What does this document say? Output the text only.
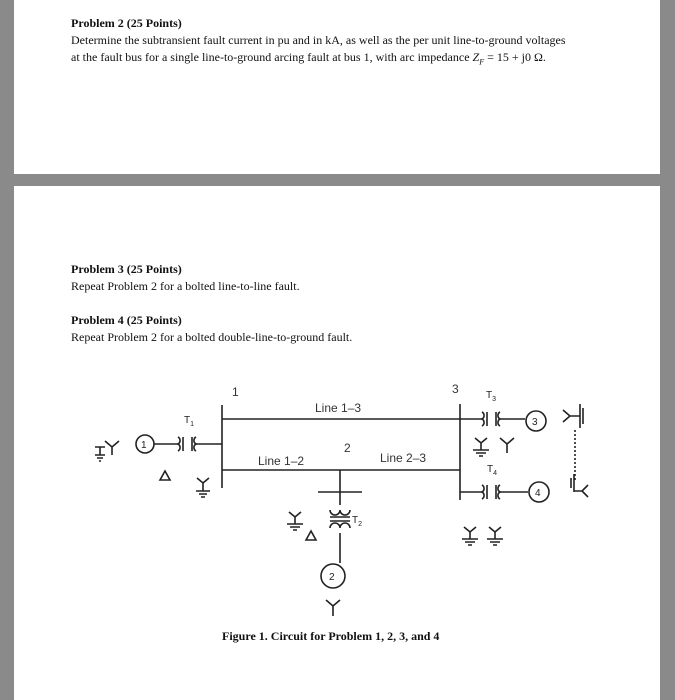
Problem 2 (25 Points)
Determine the subtransient fault current in pu and in kA, as well as the per unit line-to-ground voltages
at the fault bus for a single line-to-ground arcing fault at bus 1, with arc impedance $Z_F = 15 + j0$ Ω.
Problem 3 (25 Points)
Repeat Problem 2 for a bolted line-to-line fault.
Problem 4 (25 Points)
Repeat Problem 2 for a bolted double-line-to-ground fault.
1
2
3
Line 1–3
Line 1–2	Line 2–3
1
2
3
4
$T_1$
$T_2$
$T_3$
$T_4$
Figure 1. Circuit for Problem 1, 2, 3, and 4
